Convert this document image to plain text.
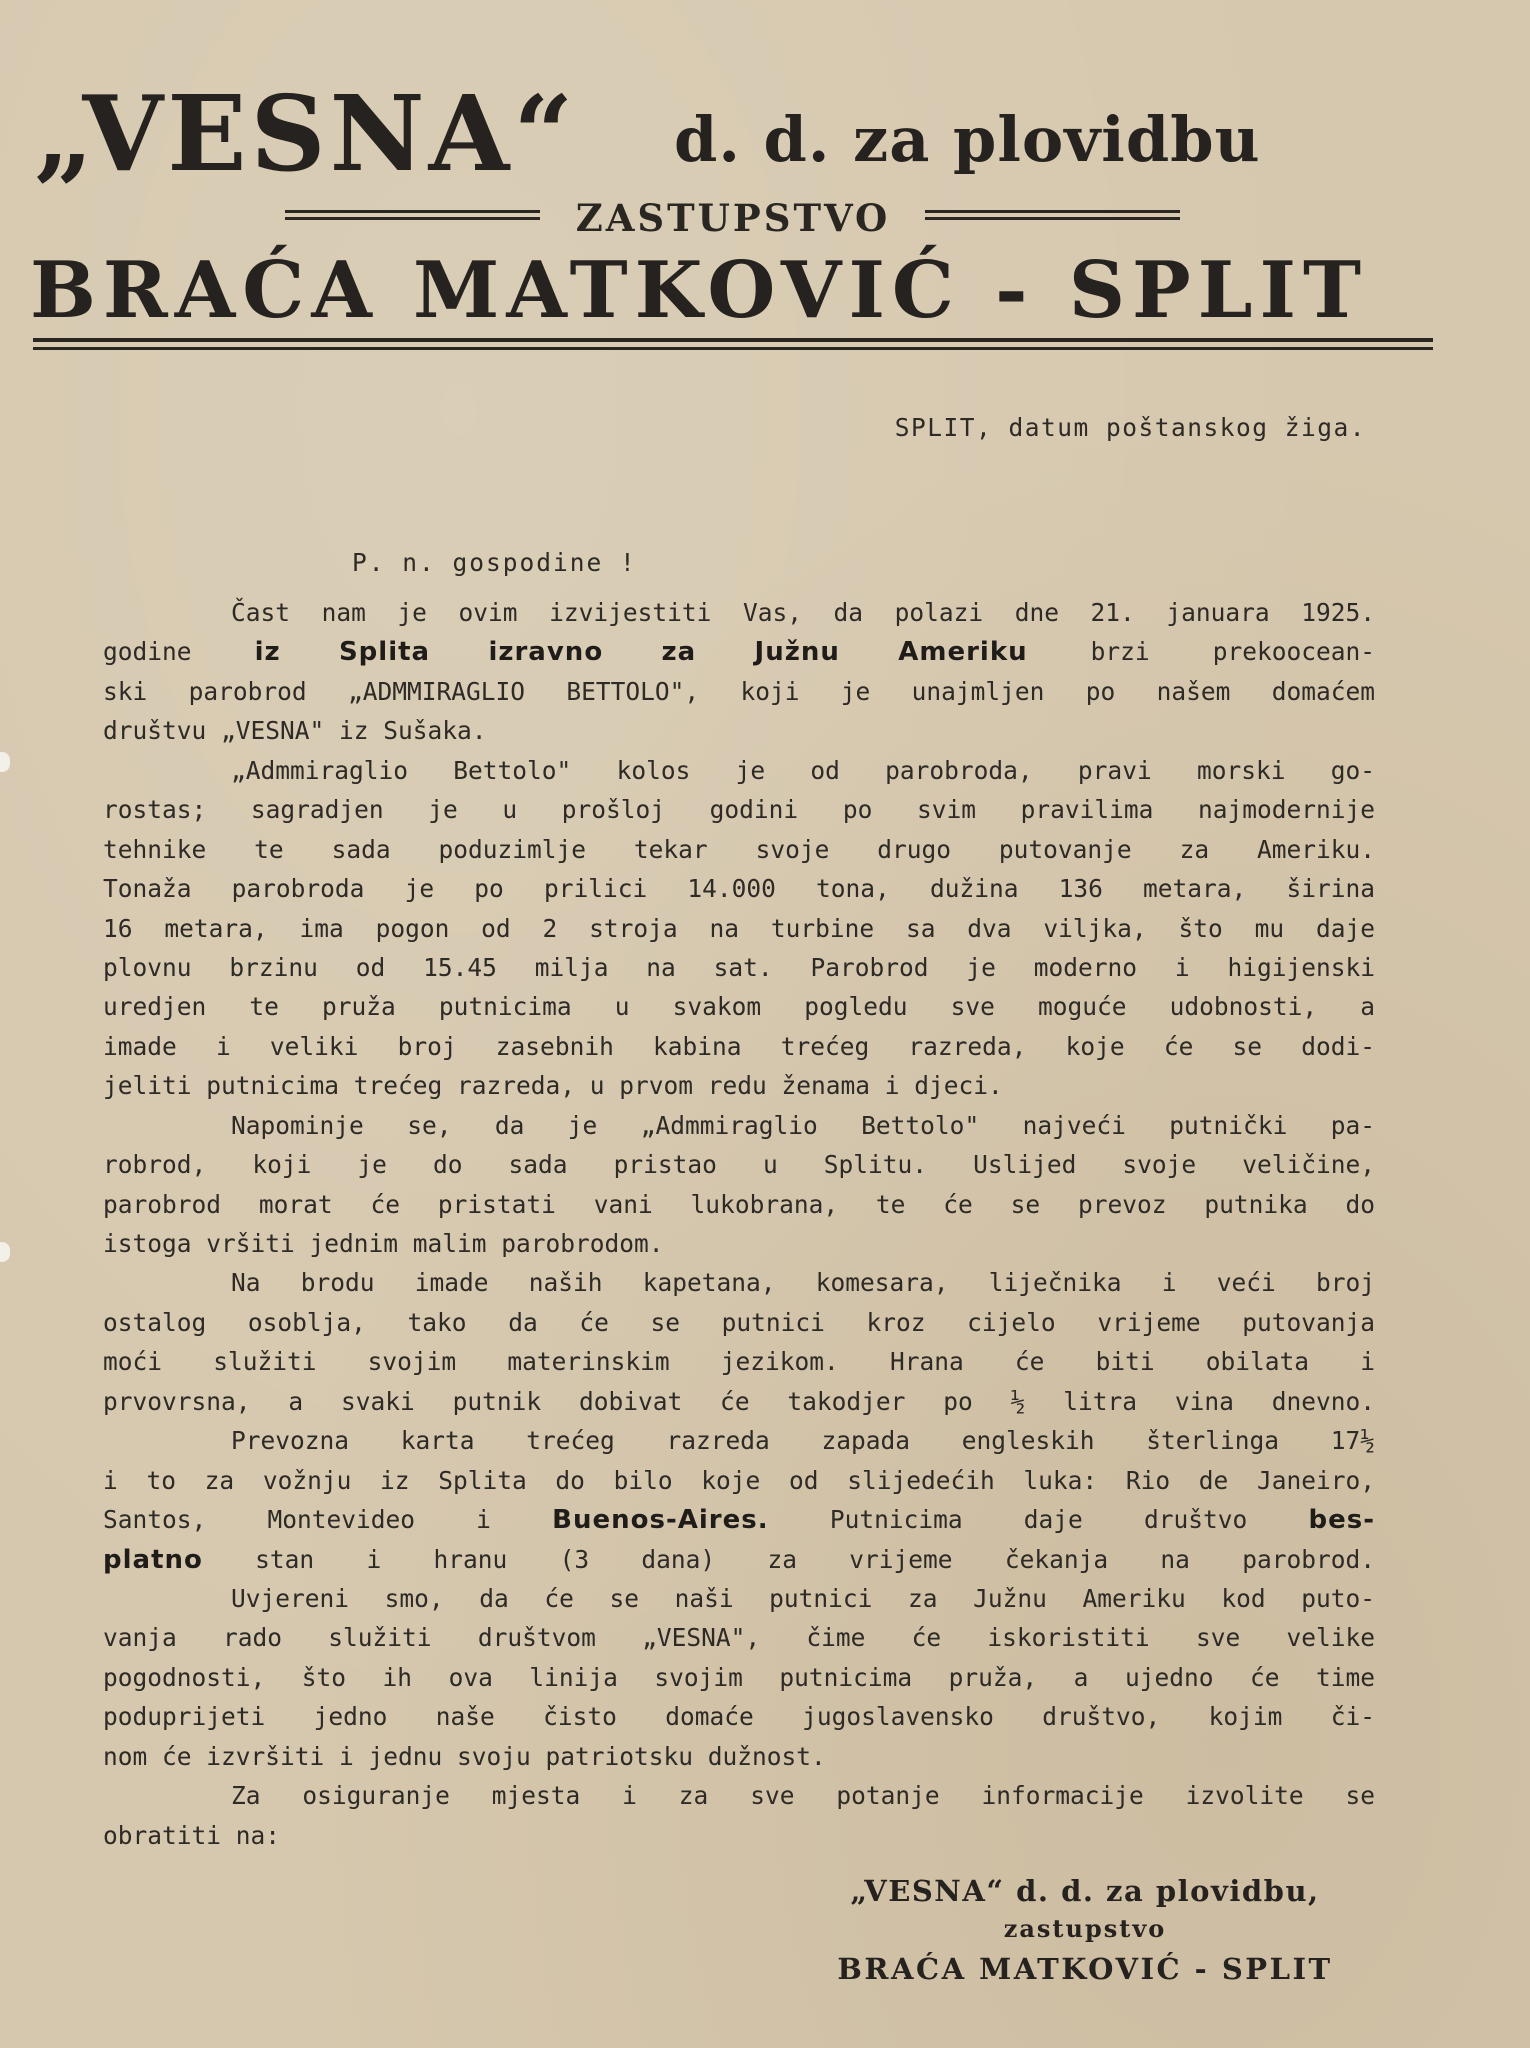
„VESNA“ d. d. za plovidbu
ZASTUPSTVO
BRAĆA MATKOVIĆ - SPLIT
SPLIT, datum poštanskog žiga.
P. n. gospodine !
Čast nam je ovim izvijestiti Vas, da polazi dne 21. januara 1925.
godine iz Splita izravno za Južnu Ameriku brzi prekoocean-
ski parobrod „ADMMIRAGLIO BETTOLO", koji je unajmljen po našem domaćem
društvu „VESNA" iz Sušaka.
„Admmiraglio Bettolo" kolos je od parobroda, pravi morski go-
rostas; sagradjen je u prošloj godini po svim pravilima najmodernije
tehnike te sada poduzimlje tekar svoje drugo putovanje za Ameriku.
Tonaža parobroda je po prilici 14.000 tona, dužina 136 metara, širina
16 metara, ima pogon od 2 stroja na turbine sa dva viljka, što mu daje
plovnu brzinu od 15.45 milja na sat. Parobrod je moderno i higijenski
uredjen te pruža putnicima u svakom pogledu sve moguće udobnosti, a
imade i veliki broj zasebnih kabina trećeg razreda, koje će se dodi-
jeliti putnicima trećeg razreda, u prvom redu ženama i djeci.
Napominje se, da je „Admmiraglio Bettolo" najveći putnički pa-
robrod, koji je do sada pristao u Splitu. Uslijed svoje veličine,
parobrod morat će pristati vani lukobrana, te će se prevoz putnika do
istoga vršiti jednim malim parobrodom.
Na brodu imade naših kapetana, komesara, liječnika i veći broj
ostalog osoblja, tako da će se putnici kroz cijelo vrijeme putovanja
moći služiti svojim materinskim jezikom. Hrana će biti obilata i
prvovrsna, a svaki putnik dobivat će takodjer po ½ litra vina dnevno.
Prevozna karta trećeg razreda zapada engleskih šterlinga 17½
i to za vožnju iz Splita do bilo koje od slijedećih luka: Rio de Janeiro,
Santos, Montevideo i Buenos-Aires. Putnicima daje društvo bes-
platno stan i hranu (3 dana) za vrijeme čekanja na parobrod.
Uvjereni smo, da će se naši putnici za Južnu Ameriku kod puto-
vanja rado služiti društvom „VESNA", čime će iskoristiti sve velike
pogodnosti, što ih ova linija svojim putnicima pruža, a ujedno će time
poduprijeti jedno naše čisto domaće jugoslavensko društvo, kojim či-
nom će izvršiti i jednu svoju patriotsku dužnost.
Za osiguranje mjesta i za sve potanje informacije izvolite se
obratiti na:
„VESNA“ d. d. za plovidbu,
zastupstvo
BRAĆA MATKOVIĆ - SPLIT
